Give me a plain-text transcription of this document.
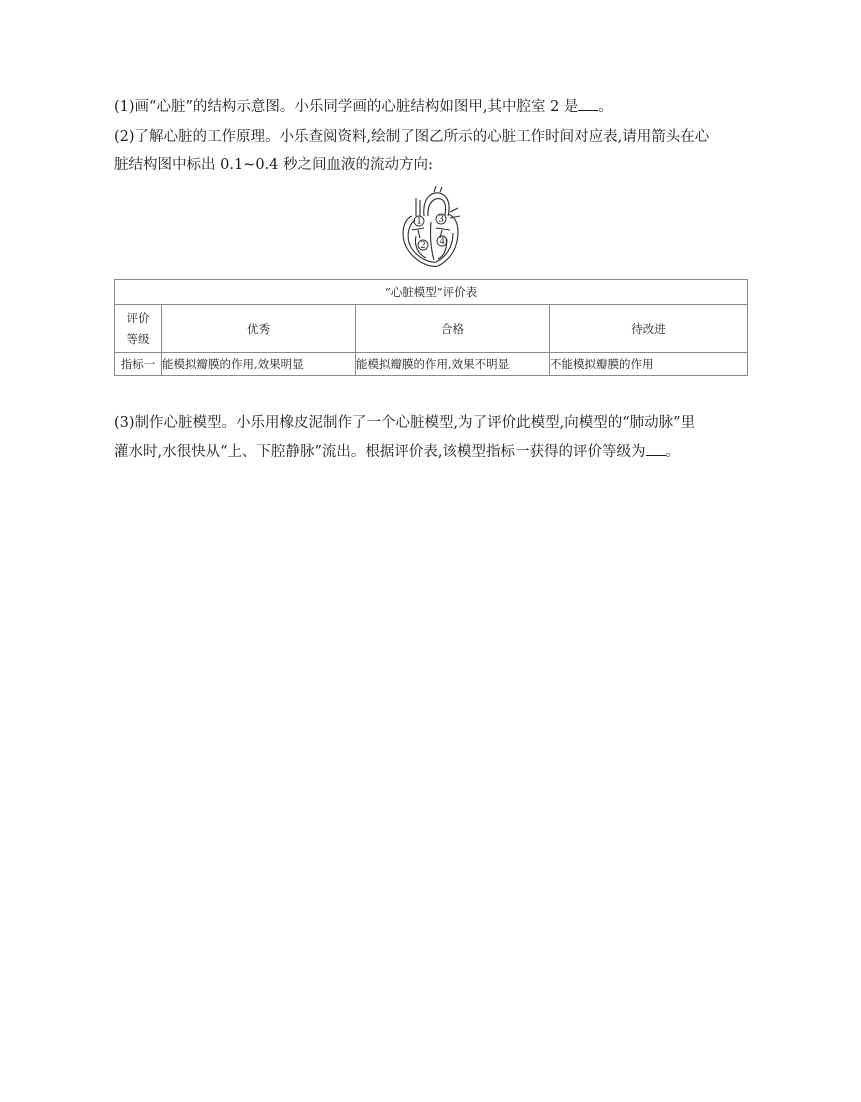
(1)画“心脏”的结构示意图。小乐同学画的心脏结构如图甲,其中腔室 2 是 。

(2)了解心脏的工作原理。小乐查阅资料,绘制了图乙所示的心脏工作时间对应表,请用箭头在心

脏结构图中标出 0.1~0.4 秒之间血液的流动方向:

1 3
2 4
“心脏模型”评价表			

评价
等级	优秀	合格	待改进
指标一	能模拟瓣膜的作用,效果明显	能模拟瓣膜的作用,效果不明显	不能模拟瓣膜的作用

(3)制作心脏模型。小乐用橡皮泥制作了一个心脏模型,为了评价此模型,向模型的“肺动脉”里

灌水时,水很快从“上、下腔静脉”流出。根据评价表,该模型指标一获得的评价等级为 。
